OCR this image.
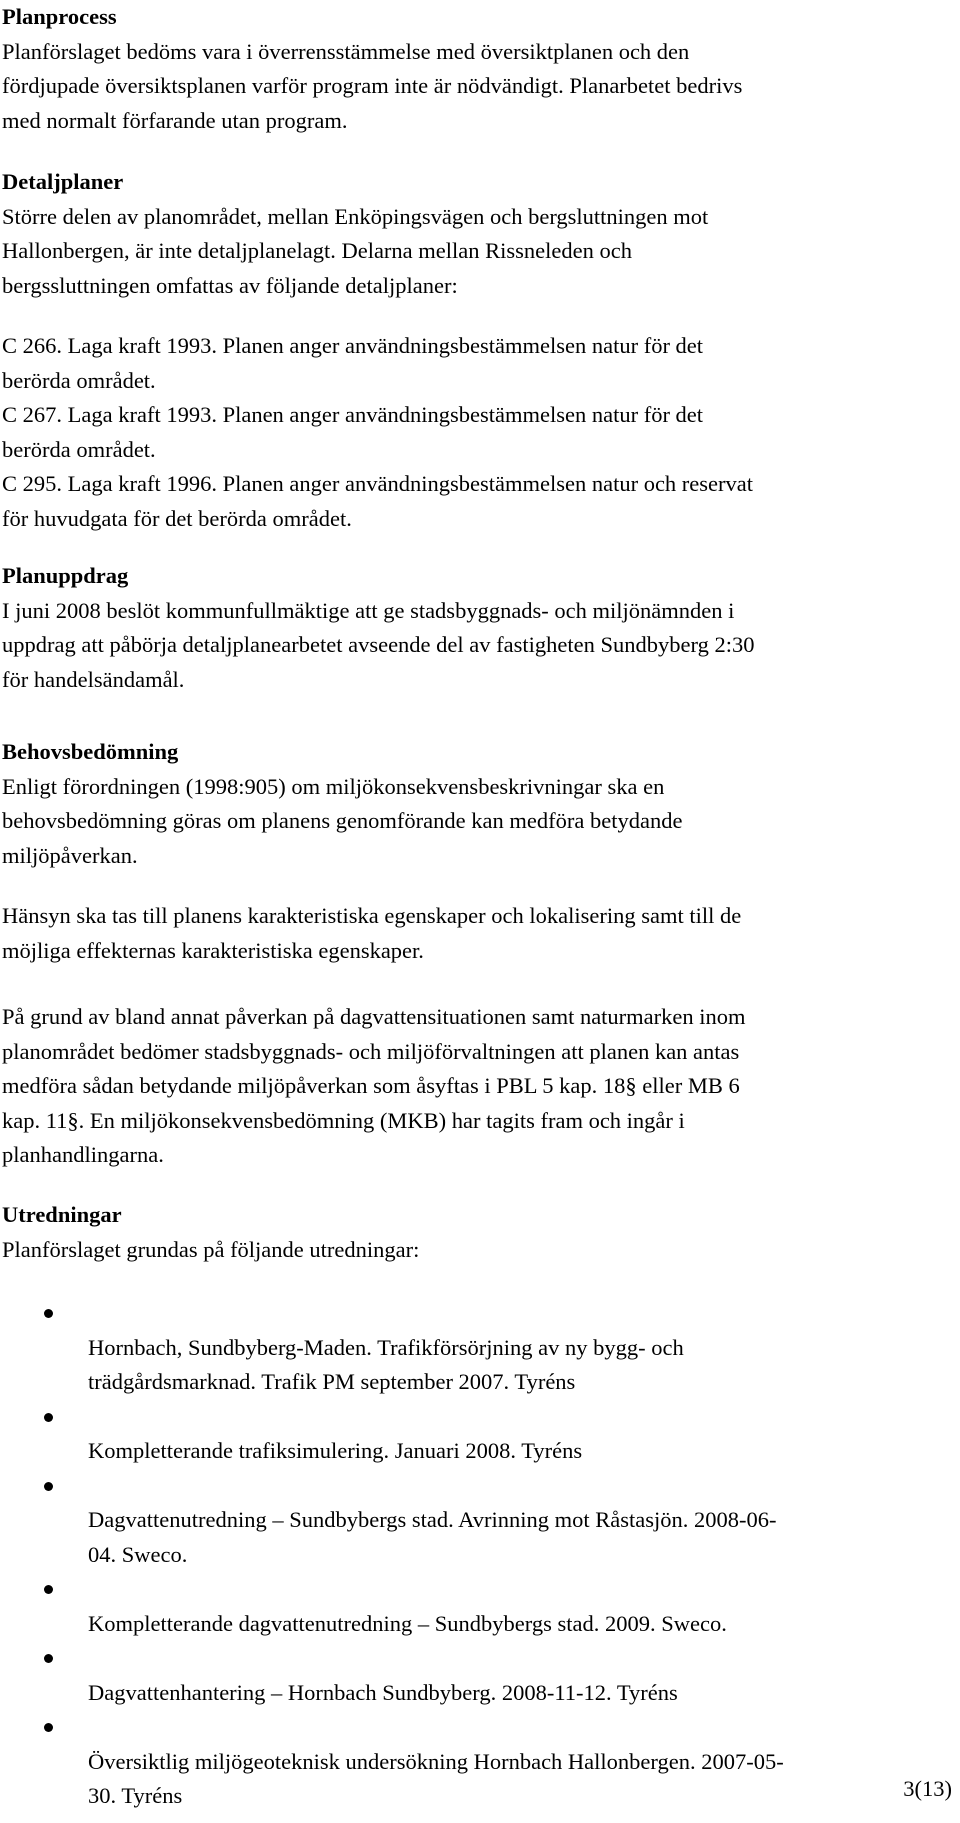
Planprocess

Planförslaget bedöms vara i överrensstämmelse med översiktplanen och den
fördjupade översiktsplanen varför program inte är nödvändigt. Planarbetet bedrivs
med normalt förfarande utan program.

Detaljplaner

Större delen av planområdet, mellan Enköpingsvägen och bergsluttningen mot
Hallonbergen, är inte detaljplanelagt. Delarna mellan Rissneleden och
bergssluttningen omfattas av följande detaljplaner:

C 266. Laga kraft 1993. Planen anger användningsbestämmelsen natur för det
berörda området.

C 267. Laga kraft 1993. Planen anger användningsbestämmelsen natur för det
berörda området.

C 295. Laga kraft 1996. Planen anger användningsbestämmelsen natur och reservat
för huvudgata för det berörda området.

Planuppdrag

I juni 2008 beslöt kommunfullmäktige att ge stadsbyggnads- och miljönämnden i
uppdrag att påbörja detaljplanearbetet avseende del av fastigheten Sundbyberg 2:30
för handelsändamål.

Behovsbedömning

Enligt förordningen (1998:905) om miljökonsekvensbeskrivningar ska en
behovsbedömning göras om planens genomförande kan medföra betydande
miljöpåverkan.

Hänsyn ska tas till planens karakteristiska egenskaper och lokalisering samt till de
möjliga effekternas karakteristiska egenskaper.

På grund av bland annat påverkan på dagvattensituationen samt naturmarken inom
planområdet bedömer stadsbyggnads- och miljöförvaltningen att planen kan antas
medföra sådan betydande miljöpåverkan som åsyftas i PBL 5 kap. 18§ eller MB 6
kap. 11§. En miljökonsekvensbedömning (MKB) har tagits fram och ingår i
planhandlingarna.

Utredningar

Planförslaget grundas på följande utredningar:

Hornbach, Sundbyberg-Maden. Trafikförsörjning av ny bygg- och
trädgårdsmarknad. Trafik PM september 2007. Tyréns

Kompletterande trafiksimulering. Januari 2008. Tyréns

Dagvattenutredning – Sundbybergs stad. Avrinning mot Råstasjön. 2008-06-
04. Sweco.

Kompletterande dagvattenutredning – Sundbybergs stad. 2009. Sweco.

Dagvattenhantering – Hornbach Sundbyberg. 2008-11-12. Tyréns

Översiktlig miljögeoteknisk undersökning Hornbach Hallonbergen. 2007-05-
30. Tyréns	3(13)
